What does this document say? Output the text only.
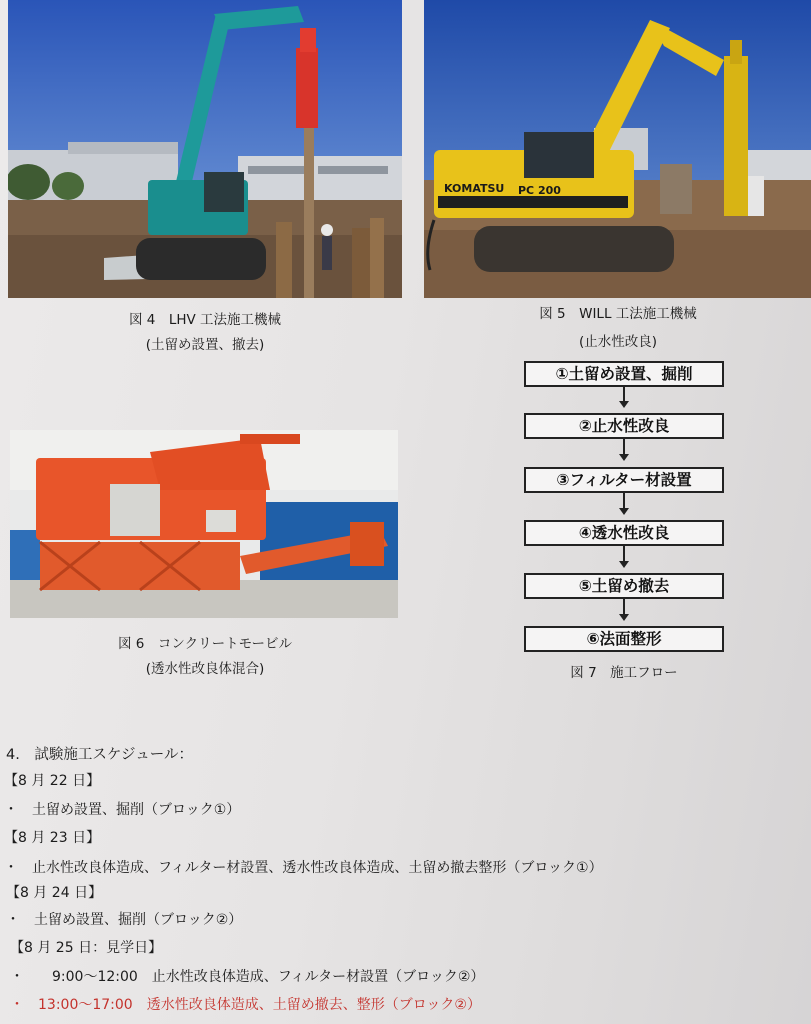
KOMATSU PC 200
図 4　LHV 工法施工機械
(土留め設置、撤去)
図 5　WILL 工法施工機械
(止水性改良)
図 6　コンクリートモービル
(透水性改良体混合)
①土留め設置、掘削
②止水性改良
③フィルター材設置
④透水性改良
⑤土留め撤去
⑥法面整形
図 7　施工フロー
4.　試験施工スケジュール：
【8 月 22 日】
・　土留め設置、掘削（ブロック①）
【8 月 23 日】
・　止水性改良体造成、フィルター材設置、透水性改良体造成、土留め撤去整形（ブロック①）
【8 月 24 日】
・　土留め設置、掘削（ブロック②）
【8 月 25 日：見学日】
・　　9:00～12:00　止水性改良体造成、フィルター材設置（ブロック②）
・　13:00～17:00　透水性改良体造成、土留め撤去、整形（ブロック②）
